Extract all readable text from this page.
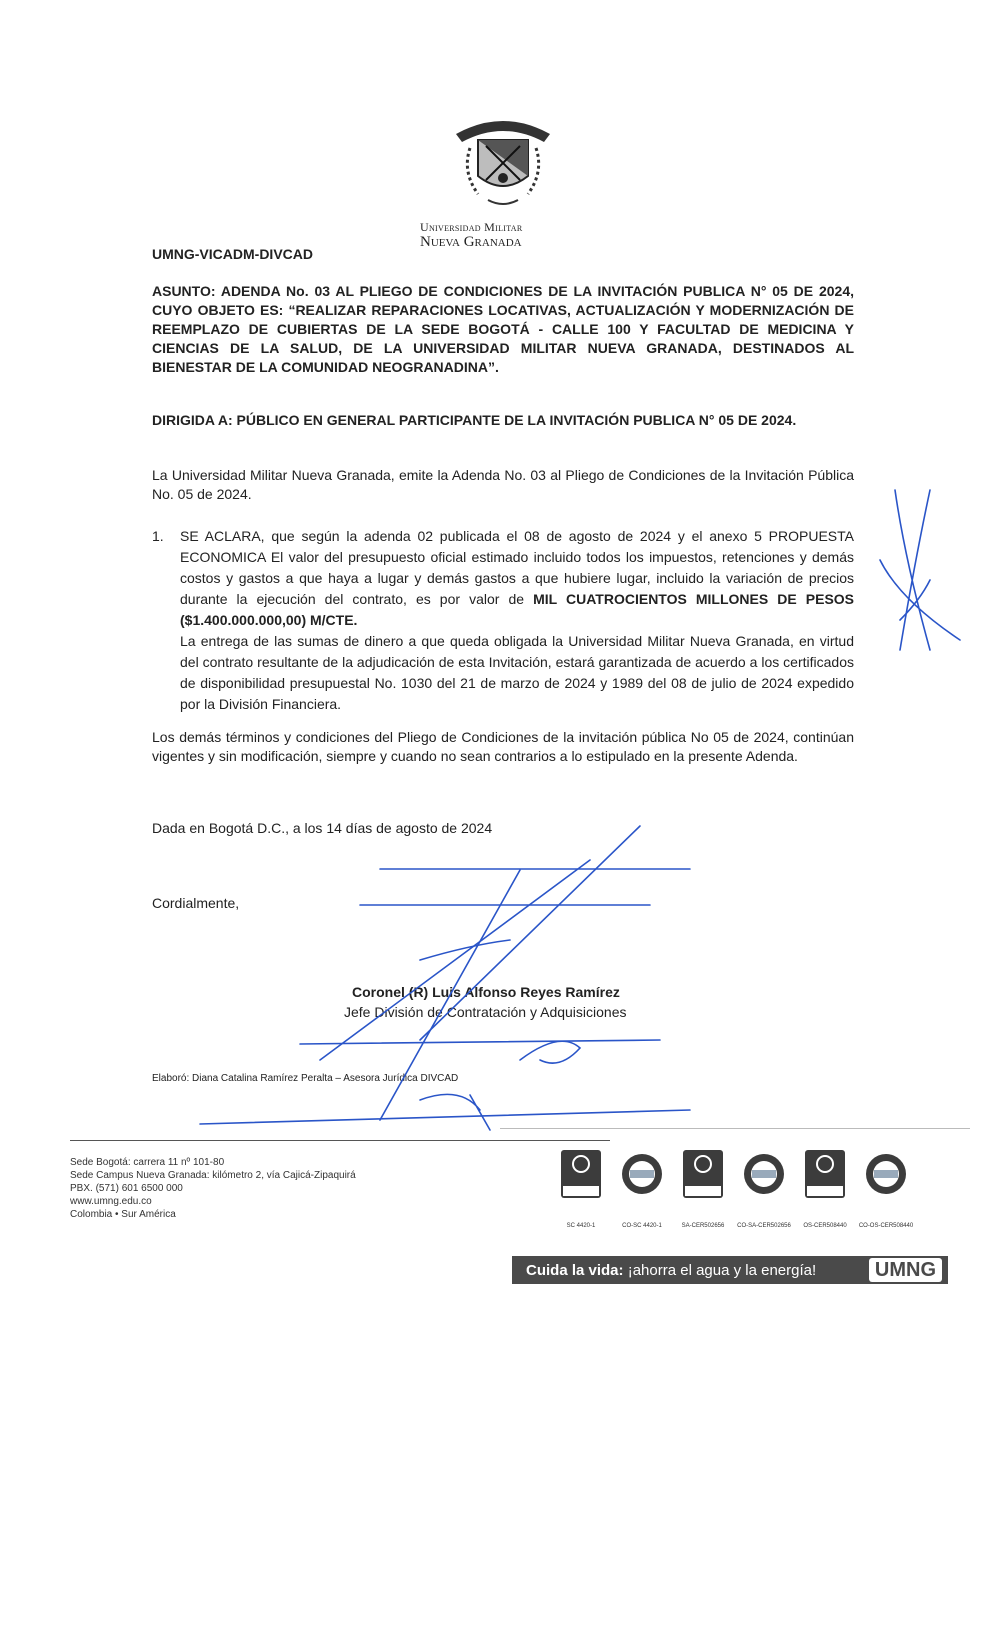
Universidad Militar
Nueva Granada
UMNG-VICADM-DIVCAD
ASUNTO: ADENDA No. 03 AL PLIEGO DE CONDICIONES DE LA INVITACIÓN PUBLICA N° 05 DE 2024, CUYO OBJETO ES: “REALIZAR REPARACIONES LOCATIVAS, ACTUALIZACIÓN Y MODERNIZACIÓN DE REEMPLAZO DE CUBIERTAS DE LA SEDE BOGOTÁ - CALLE 100 Y FACULTAD DE MEDICINA Y CIENCIAS DE LA SALUD, DE LA UNIVERSIDAD MILITAR NUEVA GRANADA, DESTINADOS AL BIENESTAR DE LA COMUNIDAD NEOGRANADINA”.
DIRIGIDA A: PÚBLICO EN GENERAL PARTICIPANTE DE LA INVITACIÓN PUBLICA N° 05 DE 2024.
La Universidad Militar Nueva Granada, emite la Adenda No. 03 al Pliego de Condiciones de la Invitación Pública No. 05 de 2024.
1. SE ACLARA, que según la adenda 02 publicada el 08 de agosto de 2024 y el anexo 5 PROPUESTA ECONOMICA El valor del presupuesto oficial estimado incluido todos los impuestos, retenciones y demás costos y gastos a que haya a lugar y demás gastos a que hubiere lugar, incluido la variación de precios durante la ejecución del contrato, es por valor de MIL CUATROCIENTOS MILLONES DE PESOS ($1.400.000.000,00) M/CTE.

La entrega de las sumas de dinero a que queda obligada la Universidad Militar Nueva Granada, en virtud del contrato resultante de la adjudicación de esta Invitación, estará garantizada de acuerdo a los certificados de disponibilidad presupuestal No. 1030 del 21 de marzo de 2024 y 1989 del 08 de julio de 2024 expedido por la División Financiera.

Los demás términos y condiciones del Pliego de Condiciones de la invitación pública No 05 de 2024, continúan vigentes y sin modificación, siempre y cuando no sean contrarios a lo estipulado en la presente Adenda.
Dada en Bogotá D.C., a los 14 días de agosto de 2024
Cordialmente,
Coronel (R) Luis Alfonso Reyes Ramírez
Jefe División de Contratación y Adquisiciones
Elaboró: Diana Catalina Ramírez Peralta – Asesora Jurídica DIVCAD
Sede Bogotá: carrera 11 nº 101-80
Sede Campus Nueva Granada: kilómetro 2, vía Cajicá-Zipaquirá
PBX. (571) 601 6500 000
www.umng.edu.co
Colombia • Sur América
SC 4420-1	CO-SC 4420-1	SA-CER502656	CO-SA-CER502656	OS-CER508440	CO-OS-CER508440
Cuida la vida: ¡ahorra el agua y la energía!	UMNG
